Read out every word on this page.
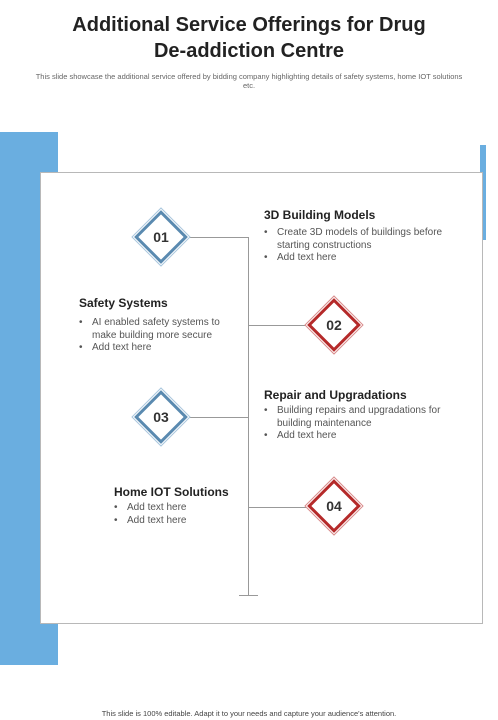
Additional Service Offerings for Drug
De-addiction Centre
This slide showcase the additional service offered by bidding company highlighting details of safety systems, home IOT solutions etc.
01
3D Building Models
• Create 3D models of buildings before starting constructions
• Add text here
02
Safety Systems
• AI enabled safety systems to make building more secure
• Add text here
03
Repair and Upgradations
• Building repairs and upgradations for building maintenance
• Add text here
04
Home IOT Solutions
• Add text here
• Add text here
This slide is 100% editable. Adapt it to your needs and capture your audience's attention.
